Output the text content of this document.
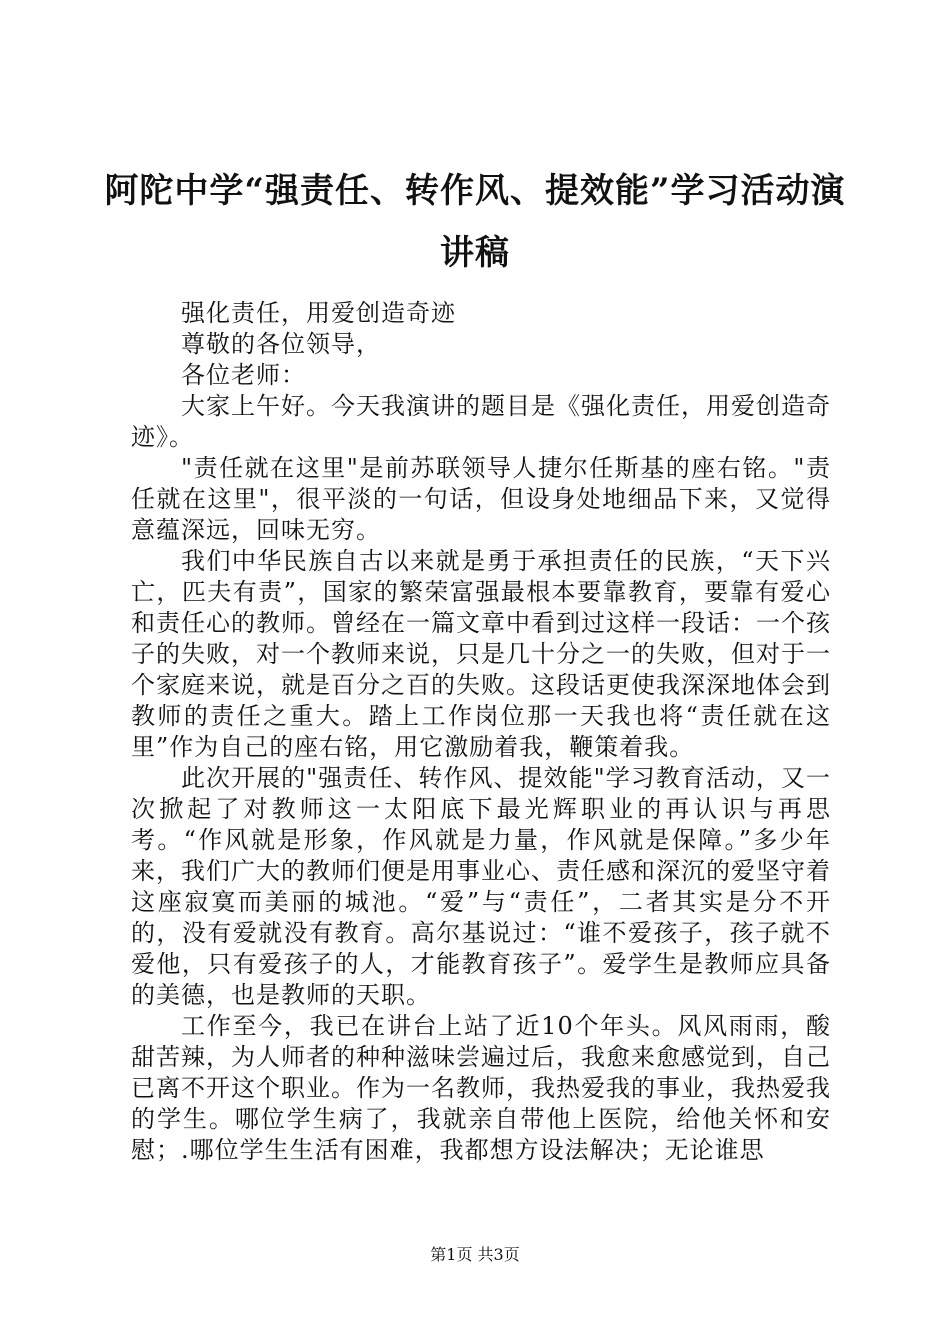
阿陀中学“强责任、转作风、提效能”学习活动演讲稿

强化责任，用爱创造奇迹

尊敬的各位领导，

各位老师：

大家上午好。今天我演讲的题目是《强化责任，用爱创造奇迹》。

"责任就在这里"是前苏联领导人捷尔任斯基的座右铭。"责任就在这里"，很平淡的一句话，但设身处地细品下来，又觉得意蕴深远，回味无穷。

我们中华民族自古以来就是勇于承担责任的民族，“天下兴亡，匹夫有责”，国家的繁荣富强最根本要靠教育，要靠有爱心和责任心的教师。曾经在一篇文章中看到过这样一段话：一个孩子的失败，对一个教师来说，只是几十分之一的失败，但对于一个家庭来说，就是百分之百的失败。这段话更使我深深地体会到教师的责任之重大。踏上工作岗位那一天我也将“责任就在这里”作为自己的座右铭，用它激励着我，鞭策着我。

此次开展的"强责任、转作风、提效能"学习教育活动，又一次掀起了对教师这一太阳底下最光辉职业的再认识与再思考。“作风就是形象，作风就是力量，作风就是保障。”多少年来，我们广大的教师们便是用事业心、责任感和深沉的爱坚守着这座寂寞而美丽的城池。“爱”与“责任”，二者其实是分不开的，没有爱就没有教育。高尔基说过：“谁不爱孩子，孩子就不爱他，只有爱孩子的人，才能教育孩子”。爱学生是教师应具备的美德，也是教师的天职。

工作至今，我已在讲台上站了近10个年头。风风雨雨，酸甜苦辣，为人师者的种种滋味尝遍过后，我愈来愈感觉到，自己已离不开这个职业。作为一名教师，我热爱我的事业，我热爱我的学生。哪位学生病了，我就亲自带他上医院，给他关怀和安慰；.哪位学生生活有困难，我都想方设法解决；无论谁思

第1页 共3页
